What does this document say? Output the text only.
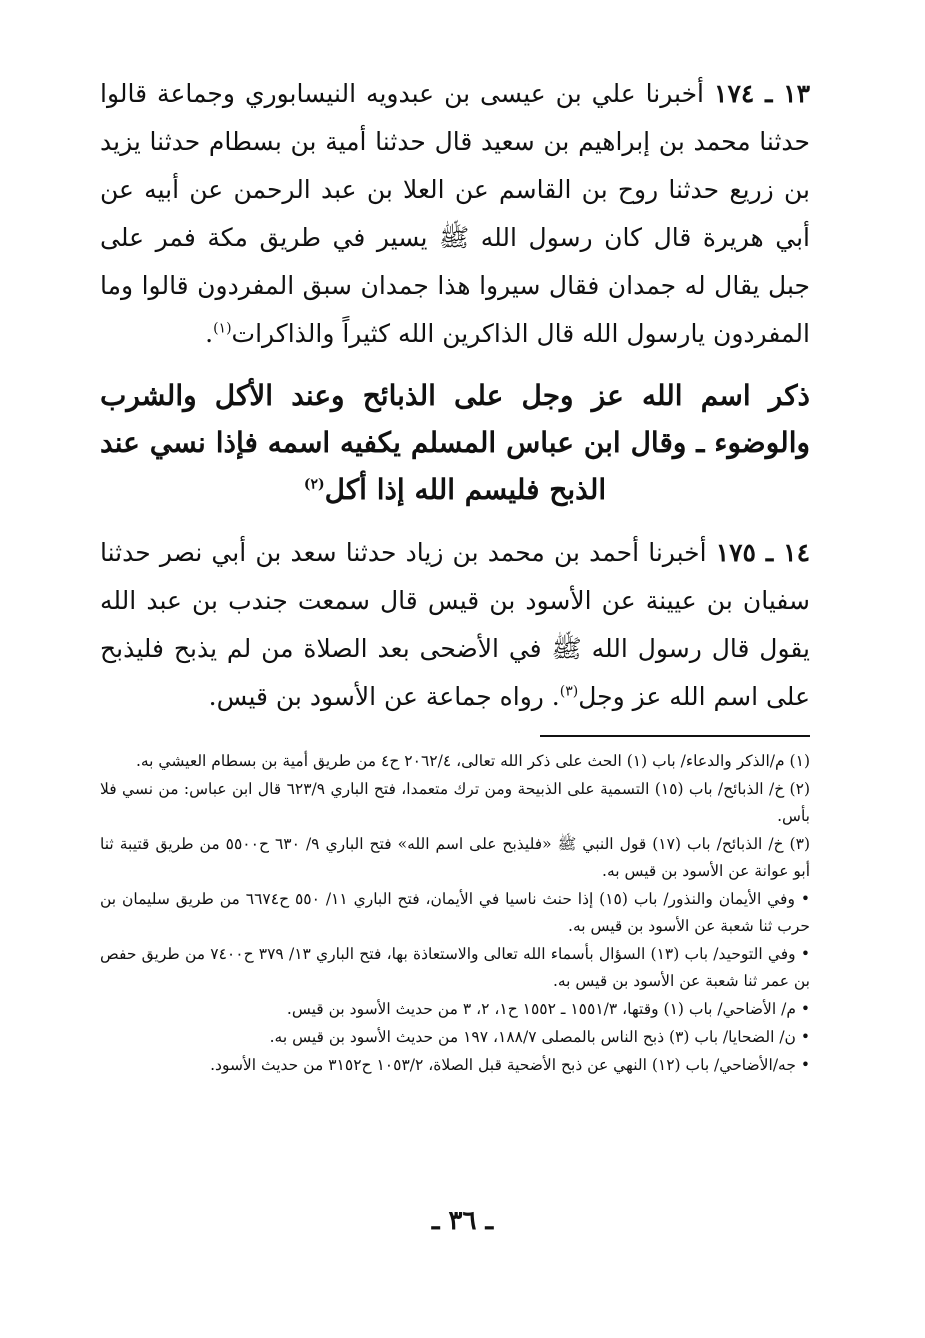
١٣ ـ ١٧٤ أخبرنا علي بن عيسى بن عبدويه النيسابوري وجماعة قالوا حدثنا محمد بن إبراهيم بن سعيد قال حدثنا أمية بن بسطام حدثنا يزيد بن زريع حدثنا روح بن القاسم عن العلا بن عبد الرحمن عن أبيه عن أبي هريرة قال كان رسول الله ﷺ يسير في طريق مكة فمر على جبل يقال له جمدان فقال سيروا هذا جمدان سبق المفردون قالوا وما المفردون يارسول الله قال الذاكرين الله كثيراً والذاكرات$^{(١)}$.

ذكر اسم الله عز وجل على الذبائح وعند الأكل والشرب والوضوء ـ وقال ابن عباس المسلم يكفيه اسمه فإذا نسي عند الذبح فليسم الله إذا أكل$^{(٢)}$

١٤ ـ ١٧٥ أخبرنا أحمد بن محمد بن زياد حدثنا سعد بن أبي نصر حدثنا سفيان بن عيينة عن الأسود بن قيس قال سمعت جندب بن عبد الله يقول قال رسول الله ﷺ في الأضحى بعد الصلاة من لم يذبح فليذبح على اسم الله عز وجل$^{(٣)}$. رواه جماعة عن الأسود بن قيس.

(١) م/الذكر والدعاء/ باب (١) الحث على ذكر الله تعالى، ٢٠٦٢/٤ ح٤ من طريق أمية بن بسطام العيشي به.

(٢) خ/ الذبائح/ باب (١٥) التسمية على الذبيحة ومن ترك متعمدا، فتح الباري ٦٢٣/٩ قال ابن عباس: من نسي فلا بأس.

(٣) خ/ الذبائح/ باب (١٧) قول النبي ﷺ «فليذبح على اسم الله» فتح الباري ٩/ ٦٣٠ ح٥٥٠٠ من طريق قتيبة ثنا أبو عوانة عن الأسود بن قيس به.

• وفي الأيمان والنذور/ باب (١٥) إذا حنث ناسيا في الأيمان، فتح الباري ١١/ ٥٥٠ ح٦٦٧٤ من طريق سليمان بن حرب ثنا شعبة عن الأسود بن قيس به.

• وفي التوحيد/ باب (١٣) السؤال بأسماء الله تعالى والاستعاذة بها، فتح الباري ١٣/ ٣٧٩ ح٧٤٠٠ من طريق حفص بن عمر ثنا شعبة عن الأسود بن قيس به.

• م/ الأضاحي/ باب (١) وقتها، ١٥٥١/٣ ـ ١٥٥٢ ح١، ٢، ٣ من حديث الأسود بن قيس.

• ن/ الضحايا/ باب (٣) ذبح الناس بالمصلى ١٨٨/٧، ١٩٧ من حديث الأسود بن قيس به.

• جه/الأضاحي/ باب (١٢) النهي عن ذبح الأضحية قبل الصلاة، ١٠٥٣/٢ ح٣١٥٢ من حديث الأسود.

ـ ٣٦ ـ
